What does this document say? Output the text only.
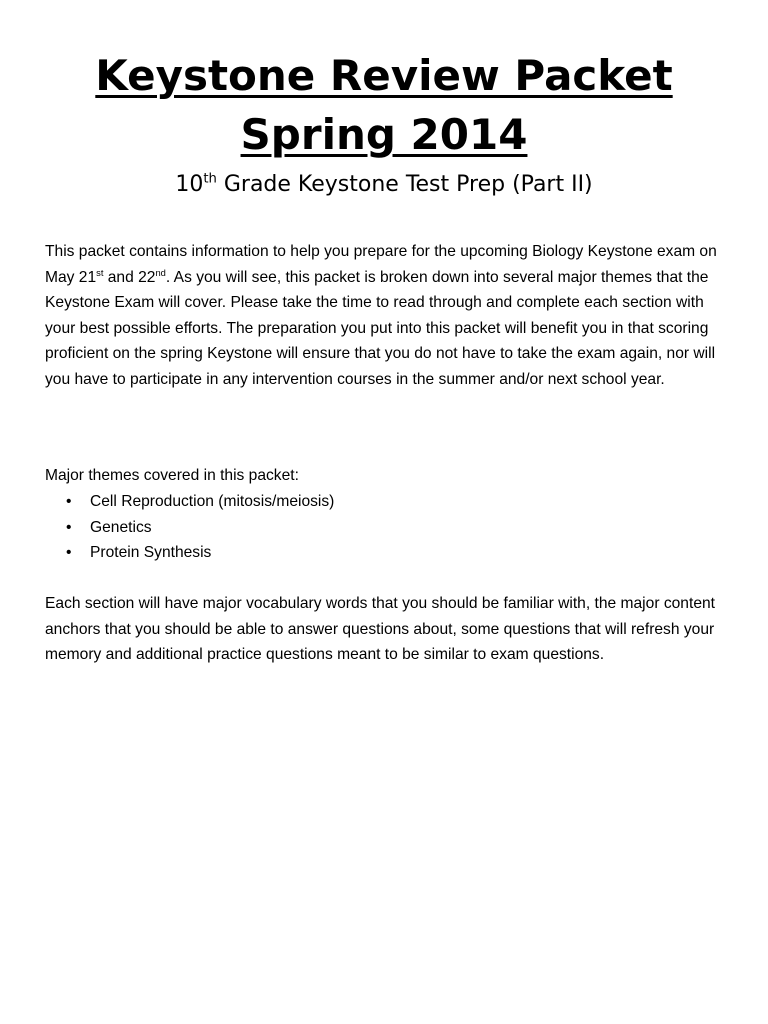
Keystone Review Packet
Spring 2014

10th Grade Keystone Test Prep (Part II)

This packet contains information to help you prepare for the upcoming Biology Keystone exam on May 21st and 22nd. As you will see, this packet is broken down into several major themes that the Keystone Exam will cover. Please take the time to read through and complete each section with your best possible efforts. The preparation you put into this packet will benefit you in that scoring proficient on the spring Keystone will ensure that you do not have to take the exam again, nor will you have to participate in any intervention courses in the summer and/or next school year.

Major themes covered in this packet:

• Cell Reproduction (mitosis/meiosis)
• Genetics
• Protein Synthesis

Each section will have major vocabulary words that you should be familiar with, the major content anchors that you should be able to answer questions about, some questions that will refresh your memory and additional practice questions meant to be similar to exam questions.
